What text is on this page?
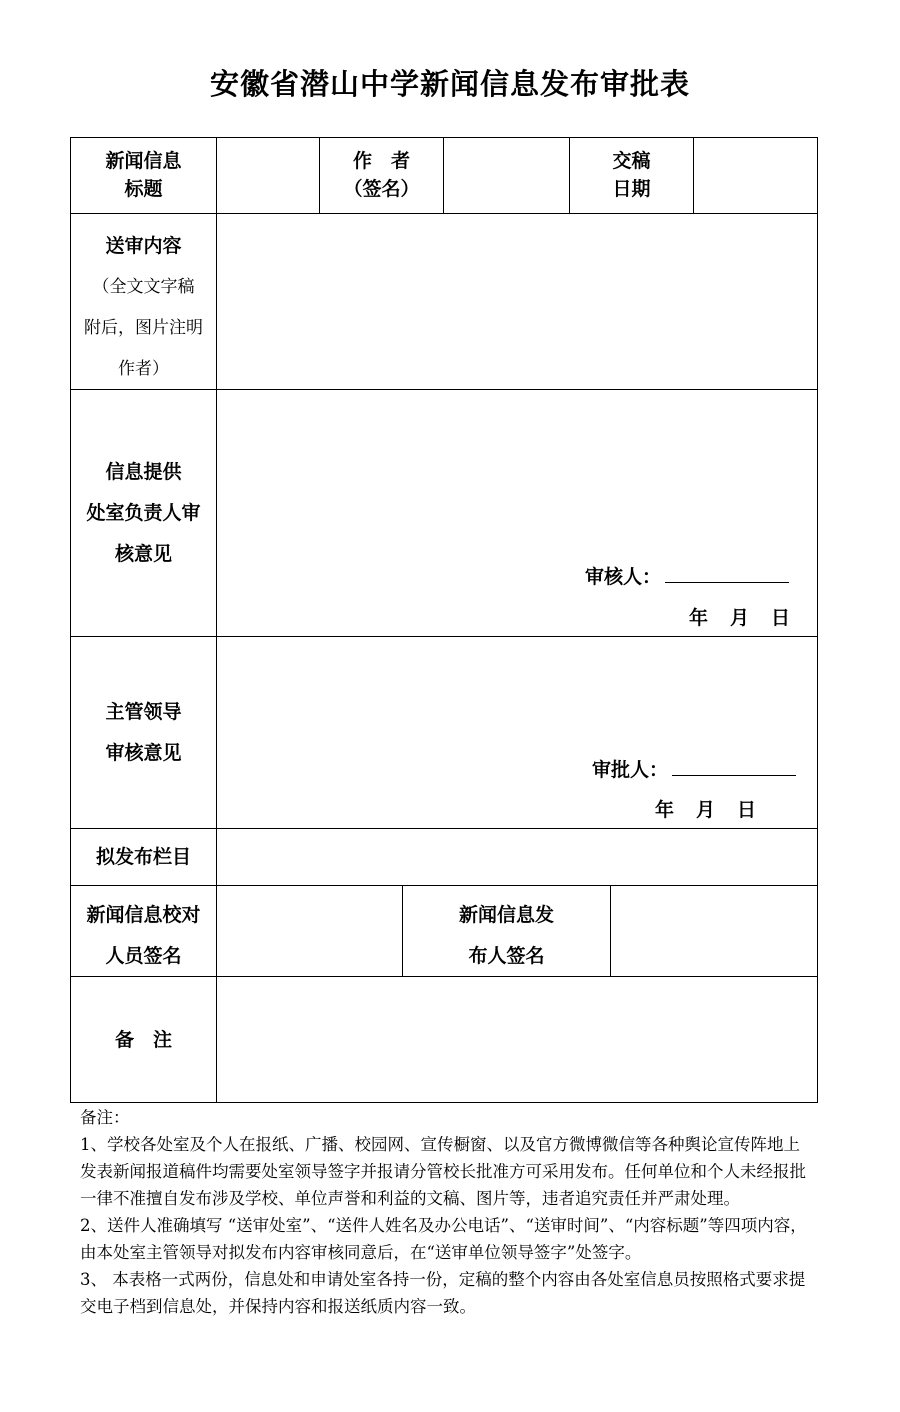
安徽省潜山中学新闻信息发布审批表
新闻信息
标题
作　者
（签名）
交稿
日期
送审内容
（全文文字稿
附后，图片注明
作者）
信息提供
处室负责人审
核意见
审核人：
年 月 日
主管领导
审核意见
审批人：
年 月 日
拟发布栏目
新闻信息校对
人员签名
新闻信息发
布人签名
备　注

备注：

1、学校各处室及个人在报纸、广播、校园网、宣传橱窗、以及官方微博微信等各种舆论宣传阵地上发表新闻报道稿件均需要处室领导签字并报请分管校长批准方可采用发布。任何单位和个人未经报批一律不准擅自发布涉及学校、单位声誉和利益的文稿、图片等，违者追究责任并严肃处理。

2、送件人准确填写 “送审处室”、“送件人姓名及办公电话”、“送审时间”、“内容标题”等四项内容，由本处室主管领导对拟发布内容审核同意后，在“送审单位领导签字”处签字。

3、 本表格一式两份，信息处和申请处室各持一份，定稿的整个内容由各处室信息员按照格式要求提交电子档到信息处，并保持内容和报送纸质内容一致。
